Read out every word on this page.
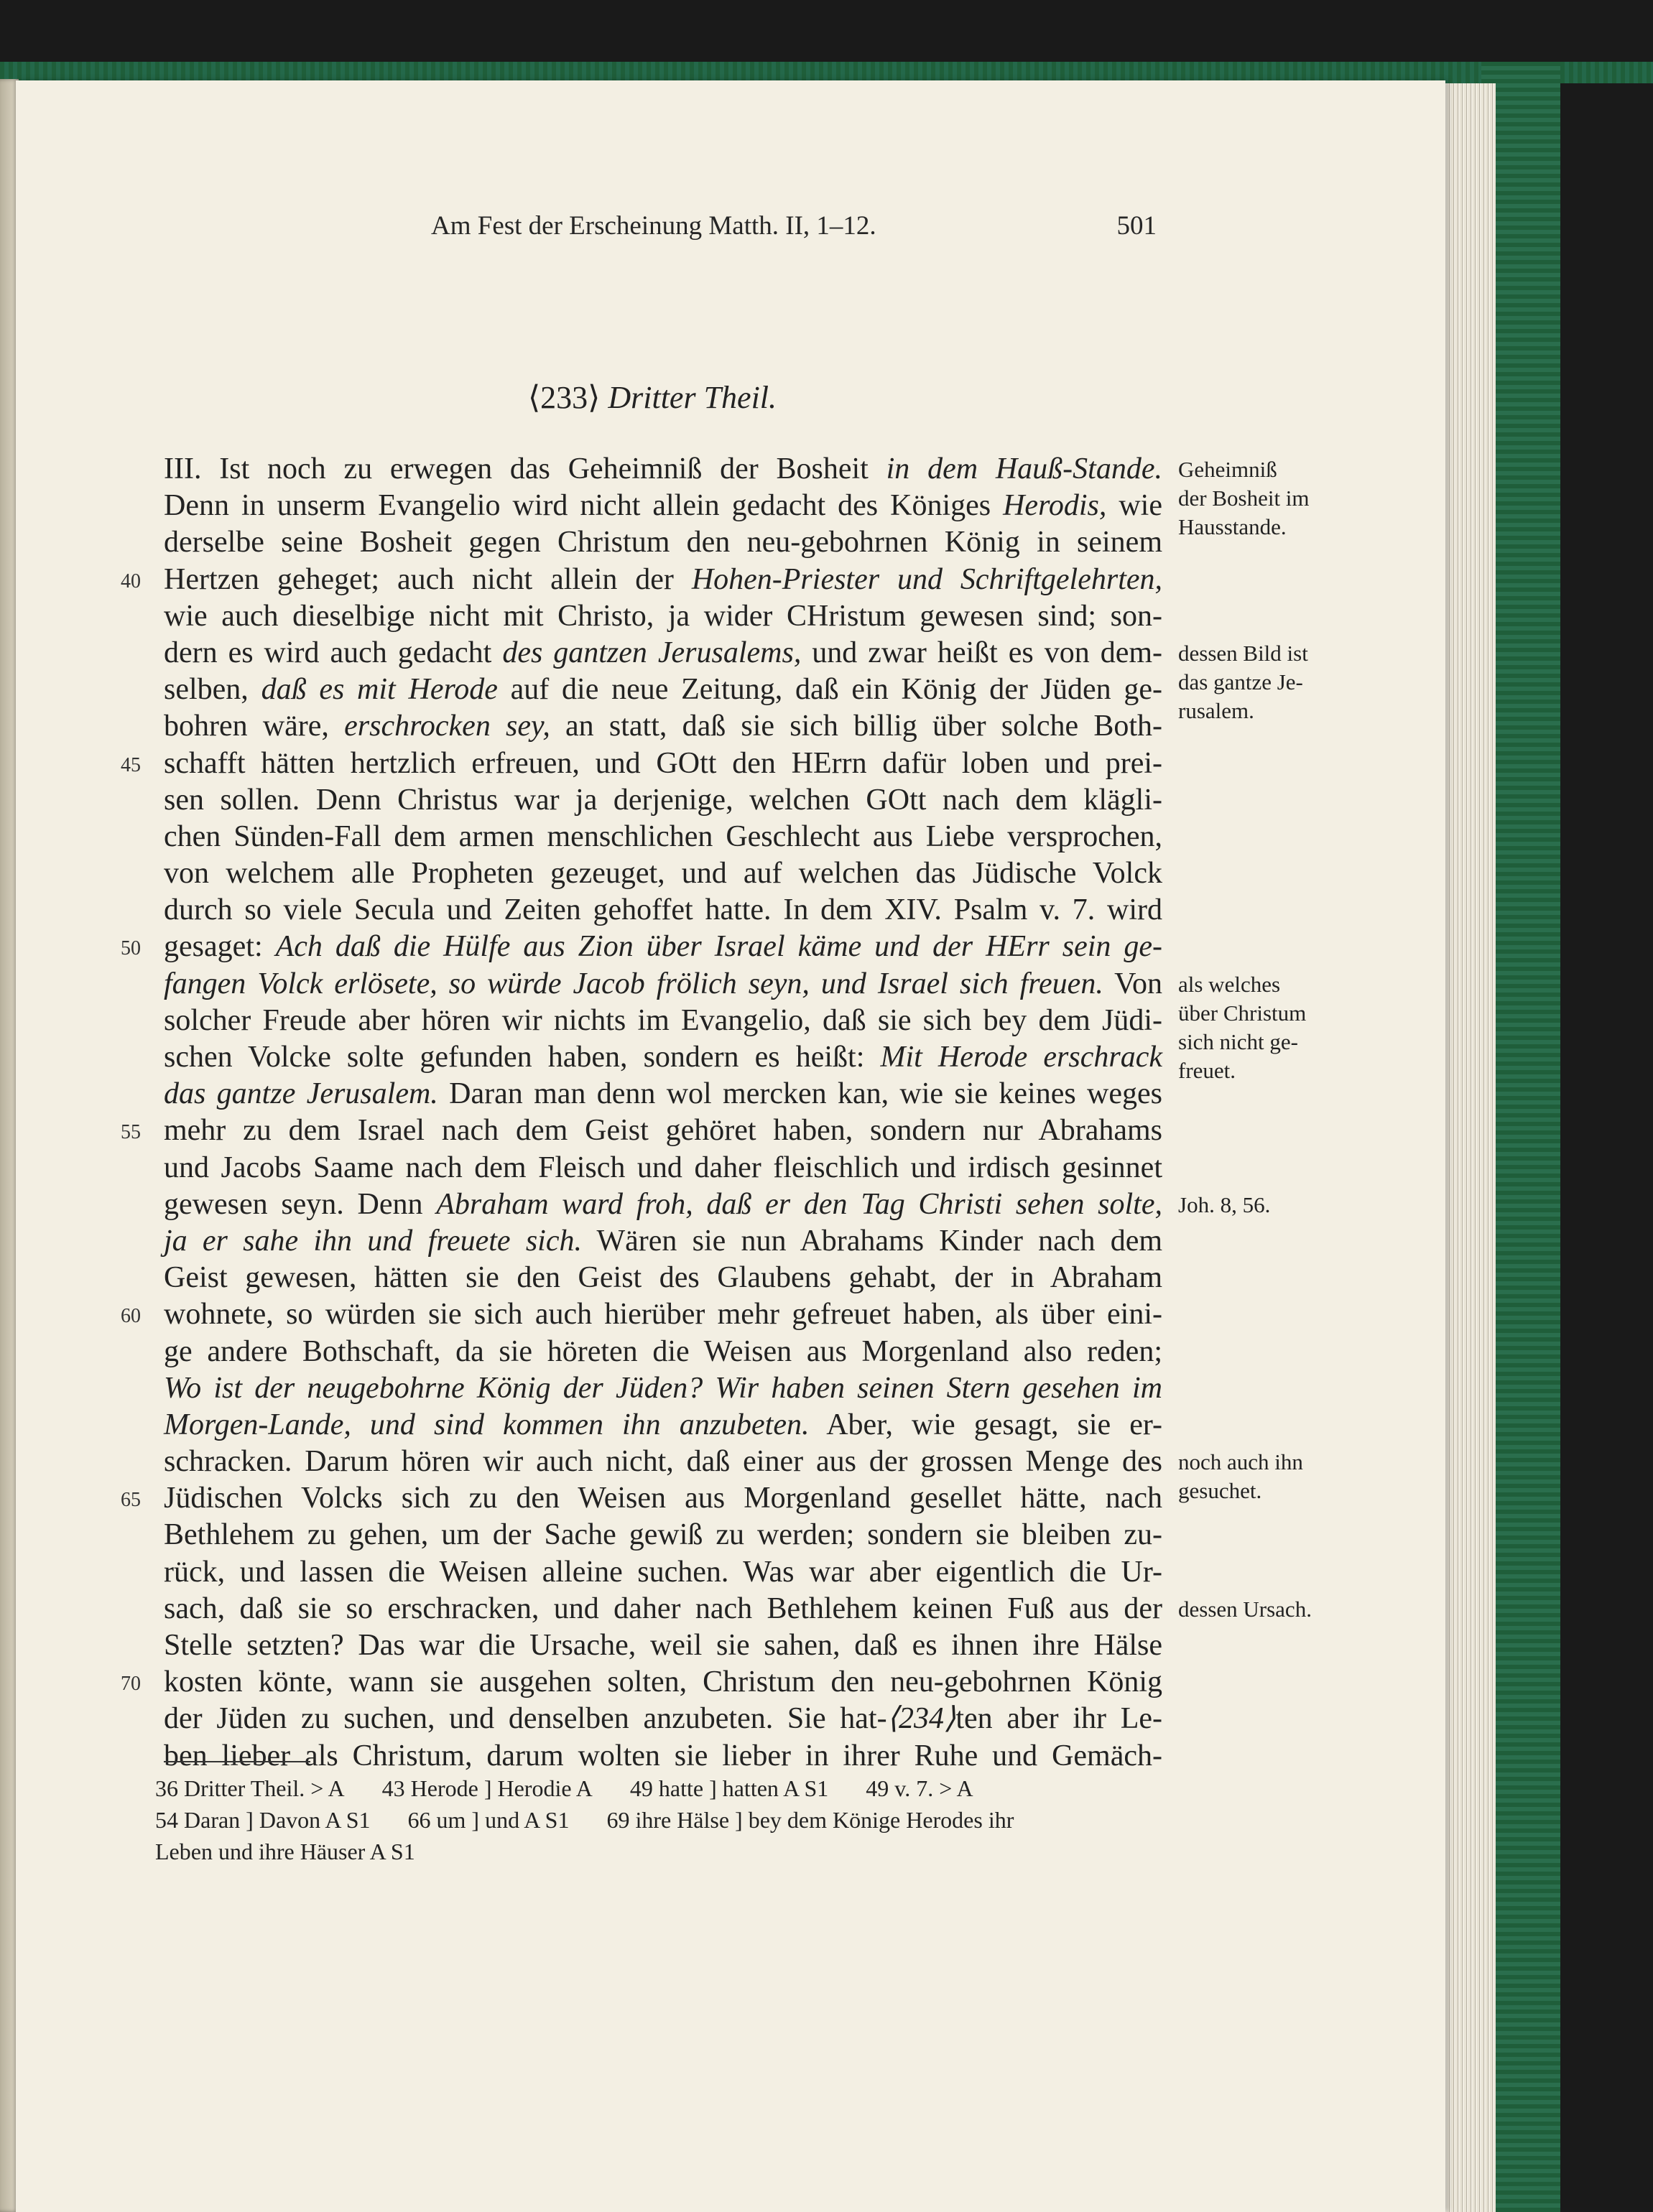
Am Fest der Erscheinung Matth. II, 1–12.	501
⟨233⟩ Dritter Theil.
III. Ist noch zu erwegen das Geheimniß der Bosheit in dem Hauß-Stande.
Denn in unserm Evangelio wird nicht allein gedacht des Königes Herodis, wie
derselbe seine Bosheit gegen Christum den neu-gebohrnen König in seinem
40 Hertzen geheget; auch nicht allein der Hohen-Priester und Schriftgelehrten,
wie auch dieselbige nicht mit Christo, ja wider CHristum gewesen sind; son-
dern es wird auch gedacht des gantzen Jerusalems, und zwar heißt es von dem-
selben, daß es mit Herode auf die neue Zeitung, daß ein König der Jüden ge-
bohren wäre, erschrocken sey, an statt, daß sie sich billig über solche Both-
45 schafft hätten hertzlich erfreuen, und GOtt den HErrn dafür loben und prei-
sen sollen. Denn Christus war ja derjenige, welchen GOtt nach dem klägli-
chen Sünden-Fall dem armen menschlichen Geschlecht aus Liebe versprochen,
von welchem alle Propheten gezeuget, und auf welchen das Jüdische Volck
durch so viele Secula und Zeiten gehoffet hatte. In dem XIV. Psalm v. 7. wird
50 gesaget: Ach daß die Hülfe aus Zion über Israel käme und der HErr sein ge-
fangen Volck erlösete, so würde Jacob frölich seyn, und Israel sich freuen. Von
solcher Freude aber hören wir nichts im Evangelio, daß sie sich bey dem Jüdi-
schen Volcke solte gefunden haben, sondern es heißt: Mit Herode erschrack
das gantze Jerusalem. Daran man denn wol mercken kan, wie sie keines weges
55 mehr zu dem Israel nach dem Geist gehöret haben, sondern nur Abrahams
und Jacobs Saame nach dem Fleisch und daher fleischlich und irdisch gesinnet
gewesen seyn. Denn Abraham ward froh, daß er den Tag Christi sehen solte,
ja er sahe ihn und freuete sich. Wären sie nun Abrahams Kinder nach dem
Geist gewesen, hätten sie den Geist des Glaubens gehabt, der in Abraham
60 wohnete, so würden sie sich auch hierüber mehr gefreuet haben, als über eini-
ge andere Bothschaft, da sie höreten die Weisen aus Morgenland also reden;
Wo ist der neugebohrne König der Jüden? Wir haben seinen Stern gesehen im
Morgen-Lande, und sind kommen ihn anzubeten. Aber, wie gesagt, sie er-
schracken. Darum hören wir auch nicht, daß einer aus der grossen Menge des
65 Jüdischen Volcks sich zu den Weisen aus Morgenland gesellet hätte, nach
Bethlehem zu gehen, um der Sache gewiß zu werden; sondern sie bleiben zu-
rück, und lassen die Weisen alleine suchen. Was war aber eigentlich die Ur-
sach, daß sie so erschracken, und daher nach Bethlehem keinen Fuß aus der
Stelle setzten? Das war die Ursache, weil sie sahen, daß es ihnen ihre Hälse
70 kosten könte, wann sie ausgehen solten, Christum den neu-gebohrnen König
der Jüden zu suchen, und denselben anzubeten. Sie hat-⟨234⟩ten aber ihr Le-
ben lieber als Christum, darum wolten sie lieber in ihrer Ruhe und Gemäch-
Geheimniß
der Bosheit im
Hausstande.
dessen Bild ist
das gantze Je-
rusalem.
als welches
über Christum
sich nicht ge-
freuet.
Joh. 8, 56.
noch auch ihn
gesuchet.
dessen Ursach.
36 Dritter Theil. > A 43 Herode ] Herodie A 49 hatte ] hatten A S1 49 v. 7. > A
54 Daran ] Davon A S1 66 um ] und A S1 69 ihre Hälse ] bey dem Könige Herodes ihr
Leben und ihre Häuser A S1
